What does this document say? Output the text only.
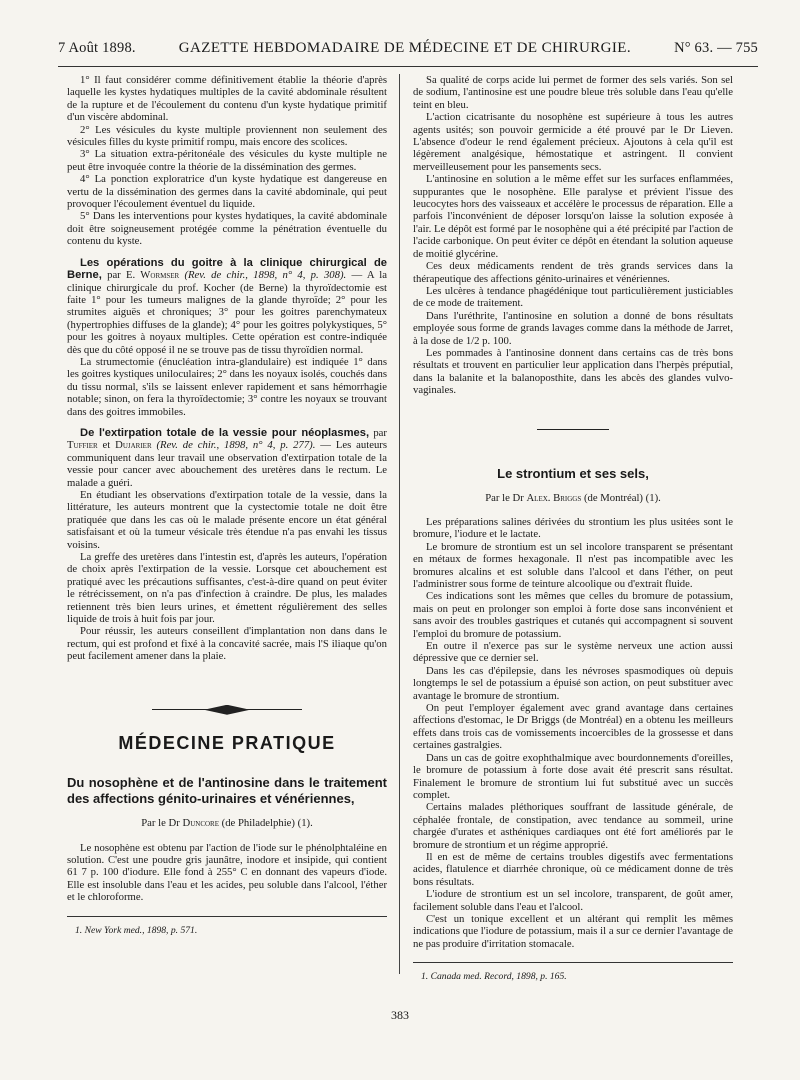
7 Août 1898.	GAZETTE HEBDOMADAIRE DE MÉDECINE ET DE CHIRURGIE.	N° 63. — 755

1° Il faut considérer comme définitivement établie la théorie d'après laquelle les kystes hydatiques multiples de la cavité abdominale résultent de la rupture et de l'écoulement du contenu d'un kyste hydatique primitif d'un viscère abdominal.

2° Les vésicules du kyste multiple proviennent non seulement des vésicules filles du kyste primitif rompu, mais encore des scolices.

3° La situation extra-péritonéale des vésicules du kyste multiple ne peut être invoquée contre la théorie de la dissémination des germes.

4° La ponction exploratrice d'un kyste hydatique est dangereuse en vertu de la dissémination des germes dans la cavité abdominale, qui peut provoquer l'écoulement éventuel du liquide.

5° Dans les interventions pour kystes hydatiques, la cavité abdominale doit être soigneusement protégée comme la pénétration éventuelle du contenu du kyste.

Les opérations du goitre à la clinique chirurgical de Berne, par E. Wormser (Rev. de chir., 1898, n° 4, p. 308). — A la clinique chirurgicale du prof. Kocher (de Berne) la thyroïdectomie est faite 1° pour les tumeurs malignes de la glande thyroïde; 2° pour les strumites aiguës et chroniques; 3° pour les goitres parenchymateux (hypertrophies diffuses de la glande); 4° pour les goitres polykystiques, 5° pour les goitres à noyaux multiples. Cette opération est contre-indiquée dès que du côté opposé il ne se trouve pas de tissu thyroïdien normal.

La strumectomie (énucléation intra-glandulaire) est indiquée 1° dans les goitres kystiques uniloculaires; 2° dans les noyaux isolés, couchés dans du tissu normal, s'ils se laissent enlever rapidement et sans hémorrhagie notable; sinon, on fera la thyroïdectomie; 3° contre les noyaux se trouvant dans des goitres immobiles.

De l'extirpation totale de la vessie pour néoplasmes, par Tuffier et Dujarier (Rev. de chir., 1898, n° 4, p. 277). — Les auteurs communiquent dans leur travail une observation d'extirpation totale de la vessie pour cancer avec abouchement des uretères dans le rectum. Le malade a guéri.

En étudiant les observations d'extirpation totale de la vessie, dans la littérature, les auteurs montrent que la cystectomie totale ne doit être pratiquée que dans les cas où le malade présente encore un état général satisfaisant et où la tumeur vésicale très étendue n'a pas envahi les tissus voisins.

La greffe des uretères dans l'intestin est, d'après les auteurs, l'opération de choix après l'extirpation de la vessie. Lorsque cet abouchement est pratiqué avec les précautions suffisantes, c'est-à-dire quand on peut éviter le rétrécissement, on n'a pas d'infection à craindre. De plus, les malades retiennent très bien leurs urines, et émettent régulièrement des selles liquide de trois à huit fois par jour.

Pour réussir, les auteurs conseillent d'implantation non dans dans le rectum, qui est profond et fixé à la concavité sacrée, mais l'S iliaque qu'on peut facilement amener dans la plaie.

MÉDECINE PRATIQUE
Du nosophène et de l'antinosine dans le traitement des affections génito-urinaires et vénériennes,

Par le Dr Duncore (de Philadelphie) (1).

Le nosophène est obtenu par l'action de l'iode sur le phénolphtaléine en solution. C'est une poudre gris jaunâtre, inodore et insipide, qui contient 61 7 p. 100 d'iodure. Elle fond à 255° C en donnant des vapeurs d'iode. Elle est insoluble dans l'eau et les acides, peu soluble dans l'alcool, l'éther et le chloroforme.

1. New York med., 1898, p. 571.

Sa qualité de corps acide lui permet de former des sels variés. Son sel de sodium, l'antinosine est une poudre bleue très soluble dans l'eau qu'elle teint en bleu.

L'action cicatrisante du nosophène est supérieure à tous les autres agents usités; son pouvoir germicide a été prouvé par le Dr Lieven. L'absence d'odeur le rend également précieux. Ajoutons à cela qu'il est légèrement analgésique, hémostatique et astringent. Il convient merveilleusement pour les pansements secs.

L'antinosine en solution a le même effet sur les surfaces enflammées, suppurantes que le nosophène. Elle paralyse et prévient l'issue des leucocytes hors des vaisseaux et accélère le processus de réparation. Elle a parfois l'inconvénient de déposer lorsqu'on laisse la solution exposée à l'air. Le dépôt est formé par le nosophène qui a été précipité par l'action de l'acide carbonique. On peut éviter ce dépôt en étendant la solution aqueuse de moitié glycérine.

Ces deux médicaments rendent de très grands services dans la thérapeutique des affections génito-urinaires et vénériennes.

Les ulcères à tendance phagédénique tout particulièrement justiciables de ce mode de traitement.

Dans l'uréthrite, l'antinosine en solution a donné de bons résultats employée sous forme de grands lavages comme dans la méthode de Jarret, à la dose de 1/2 p. 100.

Les pommades à l'antinosine donnent dans certains cas de très bons résultats et trouvent en particulier leur application dans l'herpès préputial, dans la balanite et la balanoposthite, dans les abcès des glandes vulvo-vaginales.

Le strontium et ses sels,

Par le Dr Alex. Briggs (de Montréal) (1).

Les préparations salines dérivées du strontium les plus usitées sont le bromure, l'iodure et le lactate.

Le bromure de strontium est un sel incolore transparent se présentant en métaux de formes hexagonale. Il n'est pas incompatible avec les bromures alcalins et est soluble dans l'alcool et dans l'éther, on peut l'administrer sous forme de teinture alcoolique ou d'extrait fluide.

Ces indications sont les mêmes que celles du bromure de potassium, mais on peut en prolonger son emploi à forte dose sans inconvénient et sans avoir des troubles gastriques et cutanés qui accompagnent si souvent l'emploi du bromure de potassium.

En outre il n'exerce pas sur le système nerveux une action aussi dépressive que ce dernier sel.

Dans les cas d'épilepsie, dans les névroses spasmodiques où depuis longtemps le sel de potassium a épuisé son action, on peut substituer avec avantage le bromure de strontium.

On peut l'employer également avec grand avantage dans certaines affections d'estomac, le Dr Briggs (de Montréal) en a obtenu les meilleurs effets dans trois cas de vomissements incoercibles de la grossesse et dans certaines gastralgies.

Dans un cas de goitre exophthalmique avec bourdonnements d'oreilles, le bromure de potassium à forte dose avait été prescrit sans résultat. Finalement le bromure de strontium lui fut substitué avec un succès complet.

Certains malades pléthoriques souffrant de lassitude générale, de céphalée frontale, de constipation, avec tendance au sommeil, urine chargée d'urates et asthéniques cardiaques ont été fort améliorés par le bromure de strontium et un régime approprié.

Il en est de même de certains troubles digestifs avec fermentations acides, flatulence et diarrhée chronique, où ce médicament donne de très bons résultats.

L'iodure de strontium est un sel incolore, transparent, de goût amer, facilement soluble dans l'eau et l'alcool.

C'est un tonique excellent et un altérant qui remplit les mêmes indications que l'iodure de potassium, mais il a sur ce dernier l'avantage de ne pas produire d'irritation stomacale.

1. Canada med. Record, 1898, p. 165.

383
